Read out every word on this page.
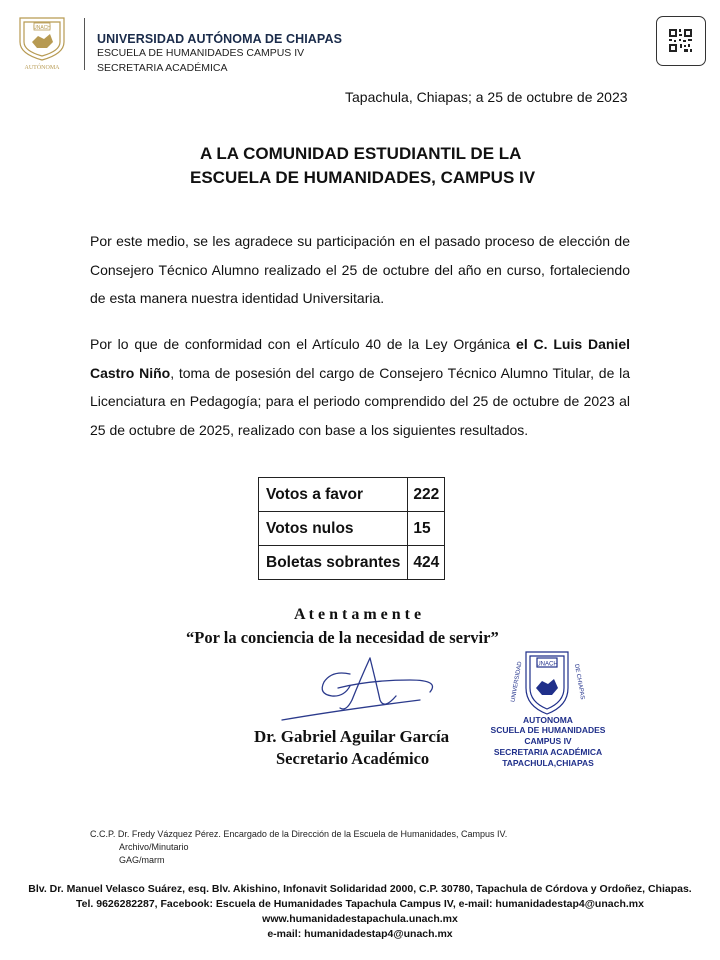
UNACH
AUTÓNOMA
UNIVERSIDAD AUTÓNOMA DE CHIAPAS
ESCUELA DE HUMANIDADES CAMPUS IV
SECRETARIA ACADÉMICA
Tapachula, Chiapas; a 25 de octubre de 2023
A LA COMUNIDAD ESTUDIANTIL DE LA
ESCUELA DE HUMANIDADES, CAMPUS IV

Por este medio, se les agradece su participación en el pasado proceso de elección de

Consejero Técnico Alumno realizado el 25 de octubre del año en curso, fortaleciendo

de esta manera nuestra identidad Universitaria.

Por lo que de conformidad con el Artículo 40 de la Ley Orgánica el C. Luis Daniel

Castro Niño, toma de posesión del cargo de Consejero Técnico Alumno Titular, de la

Licenciatura en Pedagogía; para el periodo comprendido del 25 de octubre de 2023 al

25 de octubre de 2025, realizado con base a los siguientes resultados.

Votos a favor	222
Votos nulos	15
Boletas sobrantes	424
A t e n t a m e n t e
“Por la conciencia de la necesidad de servir”
Dr. Gabriel Aguilar García
Secretario Académico
UNACH
UNIVERSIDAD	DE CHIAPAS
AUTONOMA
SCUELA DE HUMANIDADES
CAMPUS IV
SECRETARIA ACADÉMICA
TAPACHULA,CHIAPAS
C.C.P. Dr. Fredy Vázquez Pérez. Encargado de la Dirección de la Escuela de Humanidades, Campus IV.
Archivo/Minutario
GAG/marm
Blv. Dr. Manuel Velasco Suárez, esq. Blv. Akishino, Infonavit Solidaridad 2000, C.P. 30780, Tapachula de Córdova y Ordoñez, Chiapas.
Tel. 9626282287, Facebook: Escuela de Humanidades Tapachula Campus IV, e-mail: humanidadestap4@unach.mx
www.humanidadestapachula.unach.mx
e-mail: humanidadestap4@unach.mx
